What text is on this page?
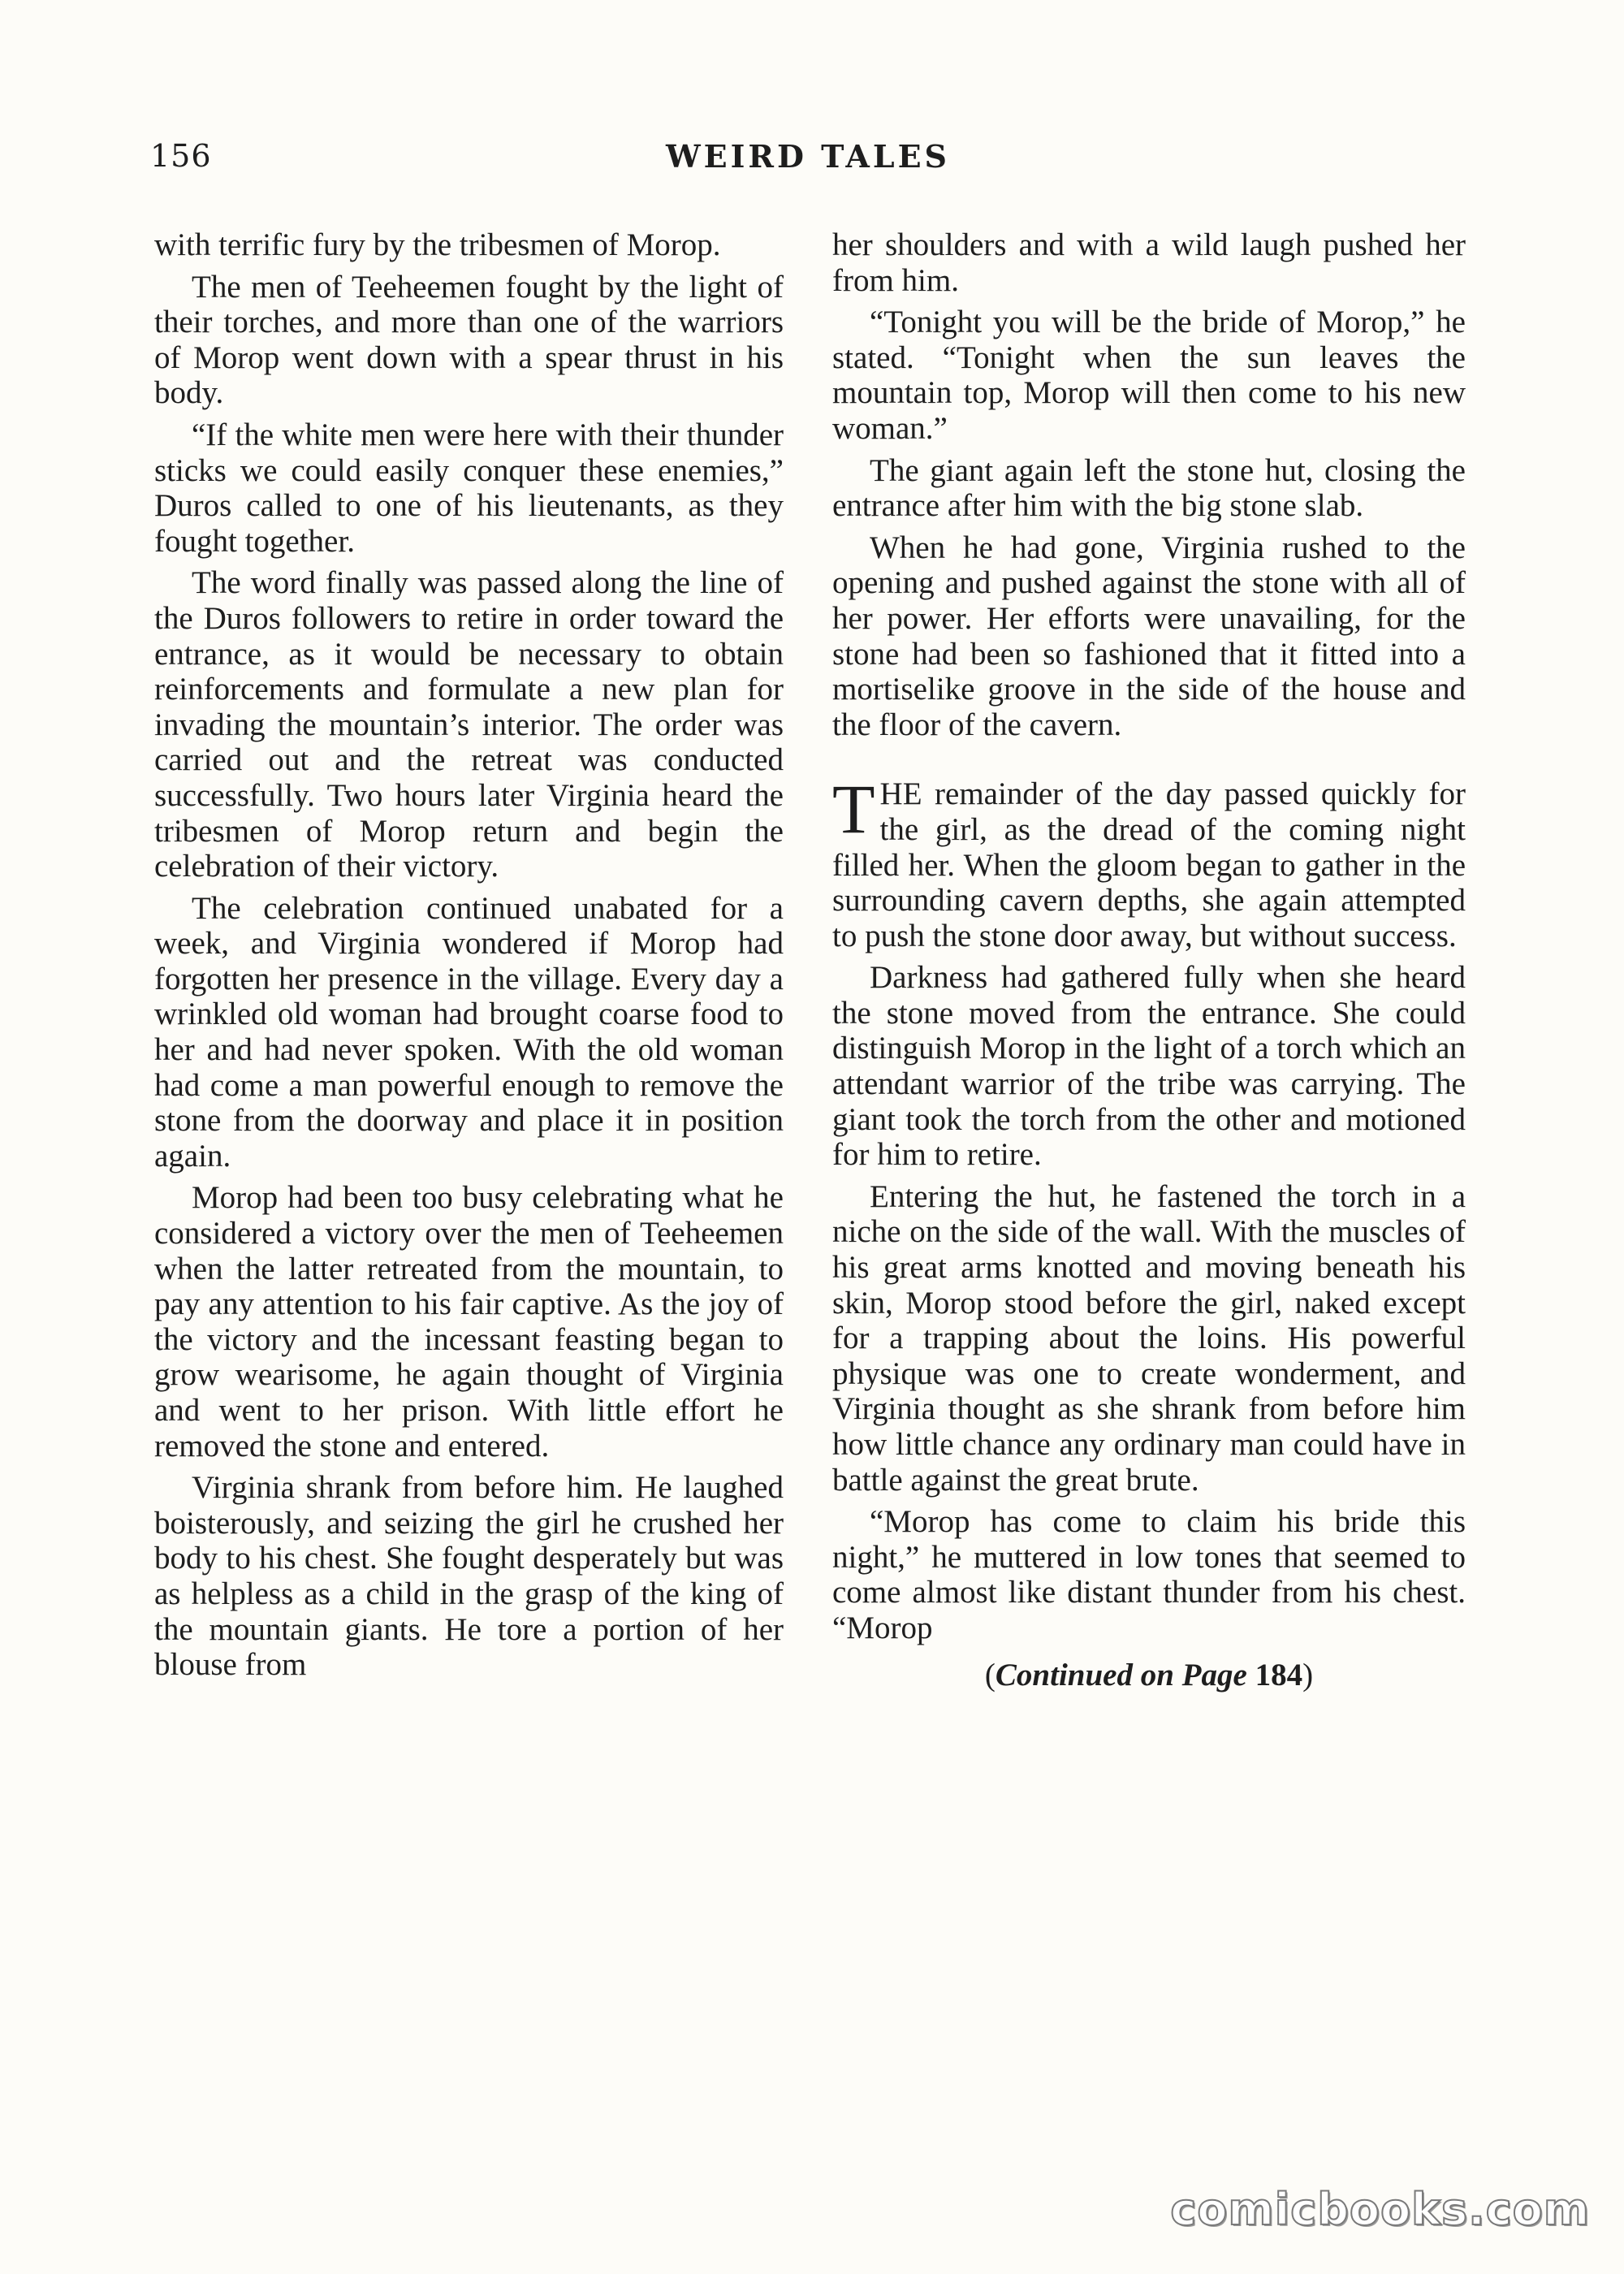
156	WEIRD TALES

with terrific fury by the tribesmen of Morop.

The men of Teeheemen fought by the light of their torches, and more than one of the warriors of Morop went down with a spear thrust in his body.

“If the white men were here with their thunder sticks we could easily conquer these enemies,” Duros called to one of his lieutenants, as they fought together.

The word finally was passed along the line of the Duros followers to retire in order toward the entrance, as it would be necessary to obtain reinforcements and formulate a new plan for invading the mountain’s interior. The order was carried out and the retreat was conducted successfully. Two hours later Virginia heard the tribesmen of Morop return and begin the celebration of their victory.

The celebration continued unabated for a week, and Virginia wondered if Morop had forgotten her presence in the village. Every day a wrinkled old woman had brought coarse food to her and had never spoken. With the old woman had come a man powerful enough to remove the stone from the doorway and place it in position again.

Morop had been too busy celebrating what he considered a victory over the men of Teeheemen when the latter retreated from the mountain, to pay any attention to his fair captive. As the joy of the victory and the incessant feasting began to grow wearisome, he again thought of Virginia and went to her prison. With little effort he removed the stone and entered.

Virginia shrank from before him. He laughed boisterously, and seizing the girl he crushed her body to his chest. She fought desperately but was as helpless as a child in the grasp of the king of the mountain giants. He tore a portion of her blouse from

her shoulders and with a wild laugh pushed her from him.

“Tonight you will be the bride of Morop,” he stated. “Tonight when the sun leaves the mountain top, Morop will then come to his new woman.”

The giant again left the stone hut, closing the entrance after him with the big stone slab.

When he had gone, Virginia rushed to the opening and pushed against the stone with all of her power. Her efforts were unavailing, for the stone had been so fashioned that it fitted into a mortiselike groove in the side of the house and the floor of the cavern.

THE remainder of the day passed quickly for the girl, as the dread of the coming night filled her. When the gloom began to gather in the surrounding cavern depths, she again attempted to push the stone door away, but without success.

Darkness had gathered fully when she heard the stone moved from the entrance. She could distinguish Morop in the light of a torch which an attendant warrior of the tribe was carrying. The giant took the torch from the other and motioned for him to retire.

Entering the hut, he fastened the torch in a niche on the side of the wall. With the muscles of his great arms knotted and moving beneath his skin, Morop stood before the girl, naked except for a trapping about the loins. His powerful physique was one to create wonderment, and Virginia thought as she shrank from before him how little chance any ordinary man could have in battle against the great brute.

“Morop has come to claim his bride this night,” he muttered in low tones that seemed to come almost like distant thunder from his chest. “Morop

(Continued on Page 184)

comicbooks.com
